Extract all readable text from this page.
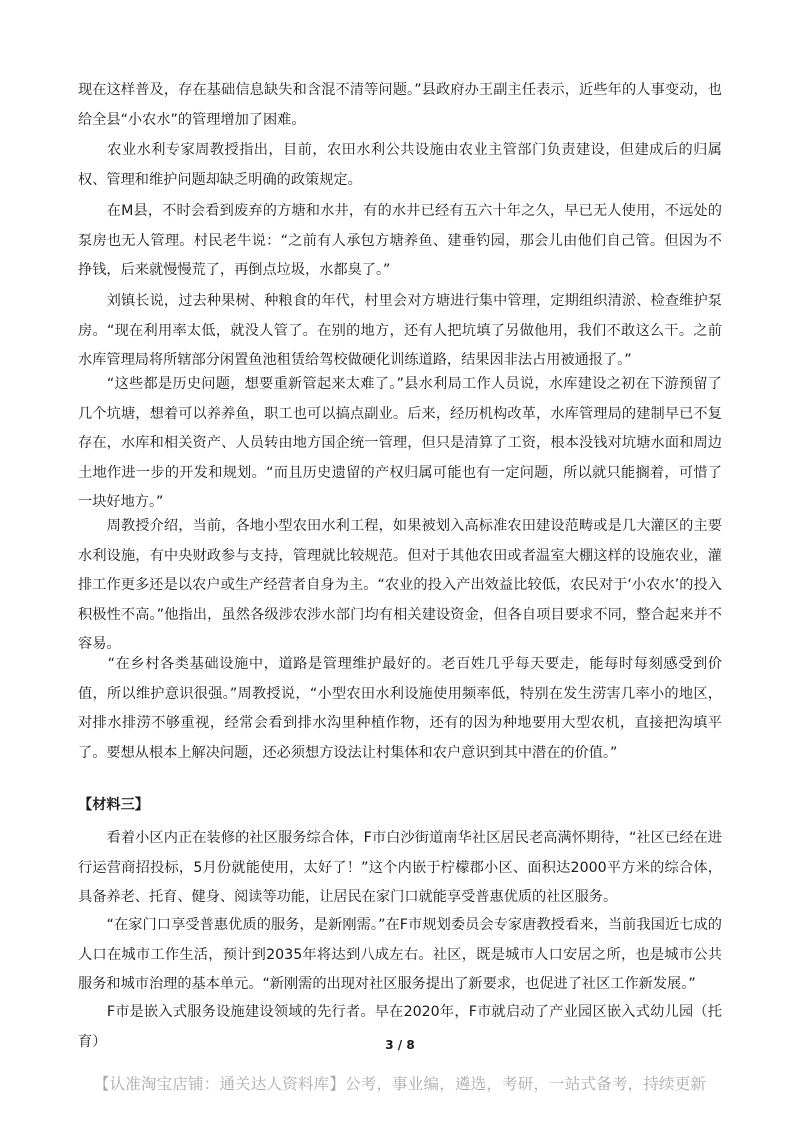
现在这样普及，存在基础信息缺失和含混不清等问题。”县政府办王副主任表示，近些年的人事变动，也给全县“小农水”的管理增加了困难。

　　农业水利专家周教授指出，目前，农田水利公共设施由农业主管部门负责建设，但建成后的归属权、管理和维护问题却缺乏明确的政策规定。

　　在M县，不时会看到废弃的方塘和水井，有的水井已经有五六十年之久，早已无人使用，不远处的泵房也无人管理。村民老牛说：“之前有人承包方塘养鱼、建垂钓园，那会儿由他们自己管。但因为不挣钱，后来就慢慢荒了，再倒点垃圾，水都臭了。”

　　刘镇长说，过去种果树、种粮食的年代，村里会对方塘进行集中管理，定期组织清淤、检查维护泵房。“现在利用率太低，就没人管了。在别的地方，还有人把坑填了另做他用，我们不敢这么干。之前水库管理局将所辖部分闲置鱼池租赁给驾校做硬化训练道路，结果因非法占用被通报了。”

　　“这些都是历史问题，想要重新管起来太难了。”县水利局工作人员说，水库建设之初在下游预留了几个坑塘，想着可以养养鱼，职工也可以搞点副业。后来，经历机构改革，水库管理局的建制早已不复存在，水库和相关资产、人员转由地方国企统一管理，但只是清算了工资，根本没钱对坑塘水面和周边土地作进一步的开发和规划。“而且历史遗留的产权归属可能也有一定问题，所以就只能搁着，可惜了一块好地方。”

　　周教授介绍，当前，各地小型农田水利工程，如果被划入高标准农田建设范畴或是几大灌区的主要水利设施，有中央财政参与支持，管理就比较规范。但对于其他农田或者温室大棚这样的设施农业，灌排工作更多还是以农户或生产经营者自身为主。“农业的投入产出效益比较低，农民对于‘小农水’的投入积极性不高。”他指出，虽然各级涉农涉水部门均有相关建设资金，但各自项目要求不同，整合起来并不容易。

　　“在乡村各类基础设施中，道路是管理维护最好的。老百姓几乎每天要走，能每时每刻感受到价值，所以维护意识很强。”周教授说，“小型农田水利设施使用频率低，特别在发生涝害几率小的地区，对排水排涝不够重视，经常会看到排水沟里种植作物，还有的因为种地要用大型农机，直接把沟填平了。要想从根本上解决问题，还必须想方设法让村集体和农户意识到其中潜在的价值。”

【材料三】

　　看着小区内正在装修的社区服务综合体，F市白沙街道南华社区居民老高满怀期待，“社区已经在进行运营商招投标，5月份就能使用，太好了！”这个内嵌于柠檬郡小区、面积达2000平方米的综合体，具备养老、托育、健身、阅读等功能，让居民在家门口就能享受普惠优质的社区服务。

　　“在家门口享受普惠优质的服务，是新刚需。”在F市规划委员会专家唐教授看来，当前我国近七成的人口在城市工作生活，预计到2035年将达到八成左右。社区，既是城市人口安居之所，也是城市公共服务和城市治理的基本单元。“新刚需的出现对社区服务提出了新要求，也促进了社区工作新发展。”

　　F市是嵌入式服务设施建设领域的先行者。早在2020年，F市就启动了产业园区嵌入式幼儿园（托育）	3 / 8

【认准淘宝店铺：通关达人资料库】公考，事业编，遴选，考研，一站式备考，持续更新
